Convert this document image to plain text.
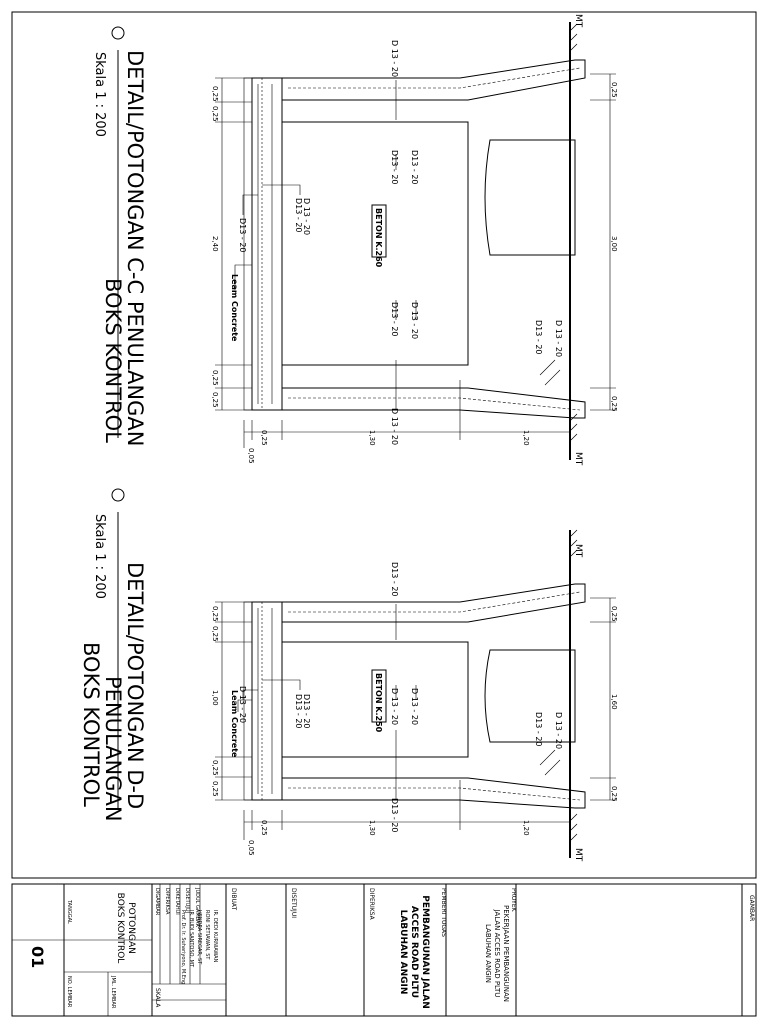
DETAIL/POTONGAN C-C PENULANGAN
Skala 1 : 200
BOKS KONTROL
0,25
0,25
2,40
0,25
0,25
MT
MT
0,25
3,00
0,25
0,25	1,30	1,20
0,05
D 13 - 20
D13 - 20 D13 - 20
D13 - 20 D 13 - 20
D 13 - 20
D13 - 20 D 13 - 20
D13 - 20
D 13 - 20
D13 - 20
BETON K.260
Leam Concrete
DETAIL/POTONGAN D-D
Skala 1 : 200
PENULANGAN
BOKS KONTROL
0,25
0,25
1,00
0,25
0,25
MT
MT
0,25
1,60
0,25
0,25	1,30	1,20
0,05
D13 - 20
D 13 - 20 D 13 - 20
D13 - 20
D13 - 20 D13 - 20
D 13 - 20
D 13 - 20
D13 - 20
BETON K.250
Leam Concrete
GAMBAR
PROYEK
PEKERJAAN PEMBANGUNAN JALAN ACCES ROAD PLTU LABUHAN ANGIN
PEMBERI TUGAS
PEMBANGUNAN JALAN ACCES ROAD PLTU LABUHAN ANGIN
DIPERIKSA
DISETUJUI
DIBUAT
DIGAMBAR DIPERIKSA DIKETAHUI DISETUJUI JUDUL GAMBAR
IR. DEDI KURNIAWAN
RONI SETIAWAN, ST
HENDRA SIREGAR, ST
IR. BUDI SANTOSO, MT
Prof. Dr. Ir. Suhariyono, M.Eng
SKALA
POTONGAN BOKS KONTROL
TANGGAL
NO. LEMBAR	JML. LEMBAR
01
